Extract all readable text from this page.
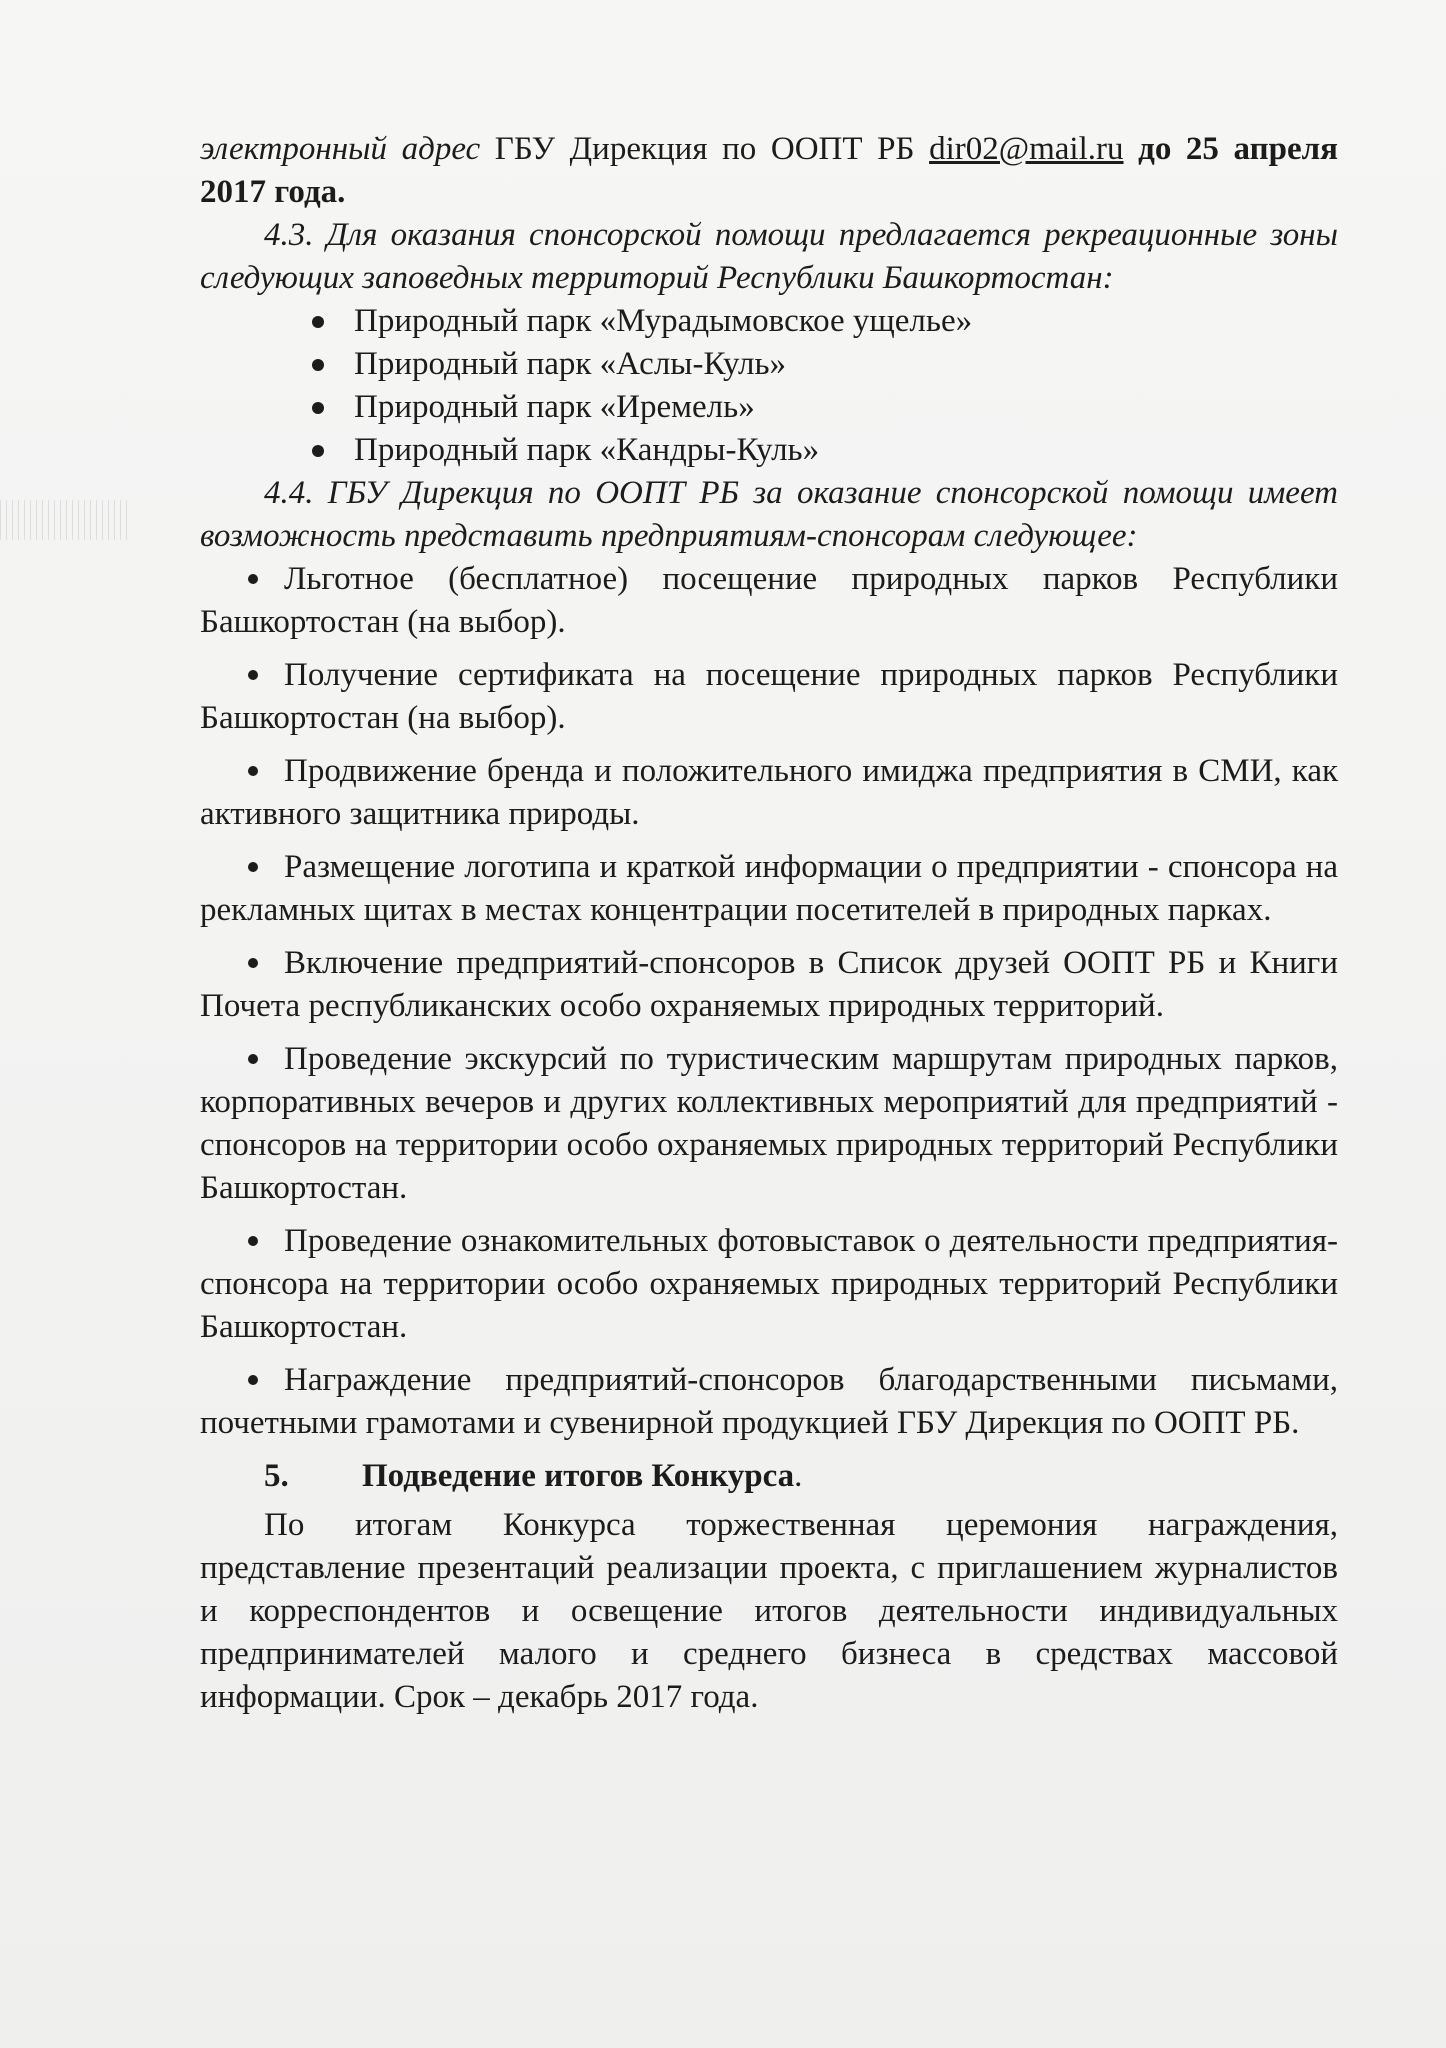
электронный адрес ГБУ Дирекция по ООПТ РБ dir02@mail.ru до 25 апреля 2017 года.

4.3. Для оказания спонсорской помощи предлагается рекреационные зоны следующих заповедных территорий Республики Башкортостан:

Природный парк «Мурадымовское ущелье»
Природный парк «Аслы-Куль»
Природный парк «Иремель»
Природный парк «Кандры-Куль»

4.4. ГБУ Дирекция по ООПТ РБ за оказание спонсорской помощи имеет возможность представить предприятиям-спонсорам следующее:

Льготное (бесплатное) посещение природных парков Республики Башкортостан (на выбор).
Получение сертификата на посещение природных парков Республики Башкортостан (на выбор).
Продвижение бренда и положительного имиджа предприятия в СМИ, как активного защитника природы.
Размещение логотипа и краткой информации о предприятии - спонсора на рекламных щитах в местах концентрации посетителей в природных парках.
Включение предприятий-спонсоров в Список друзей ООПТ РБ и Книги Почета республиканских особо охраняемых природных территорий.
Проведение экскурсий по туристическим маршрутам природных парков, корпоративных вечеров и других коллективных мероприятий для предприятий - спонсоров на территории особо охраняемых природных территорий Республики Башкортостан.
Проведение ознакомительных фотовыставок о деятельности предприятия-спонсора на территории особо охраняемых природных территорий Республики Башкортостан.
Награждение предприятий-спонсоров благодарственными письмами, почетными грамотами и сувенирной продукцией ГБУ Дирекция по ООПТ РБ.

5. Подведение итогов Конкурса.

По итогам Конкурса торжественная церемония награждения, представление презентаций реализации проекта, с приглашением журналистов и корреспондентов и освещение итогов деятельности индивидуальных предпринимателей малого и среднего бизнеса в средствах массовой информации. Срок – декабрь 2017 года.
